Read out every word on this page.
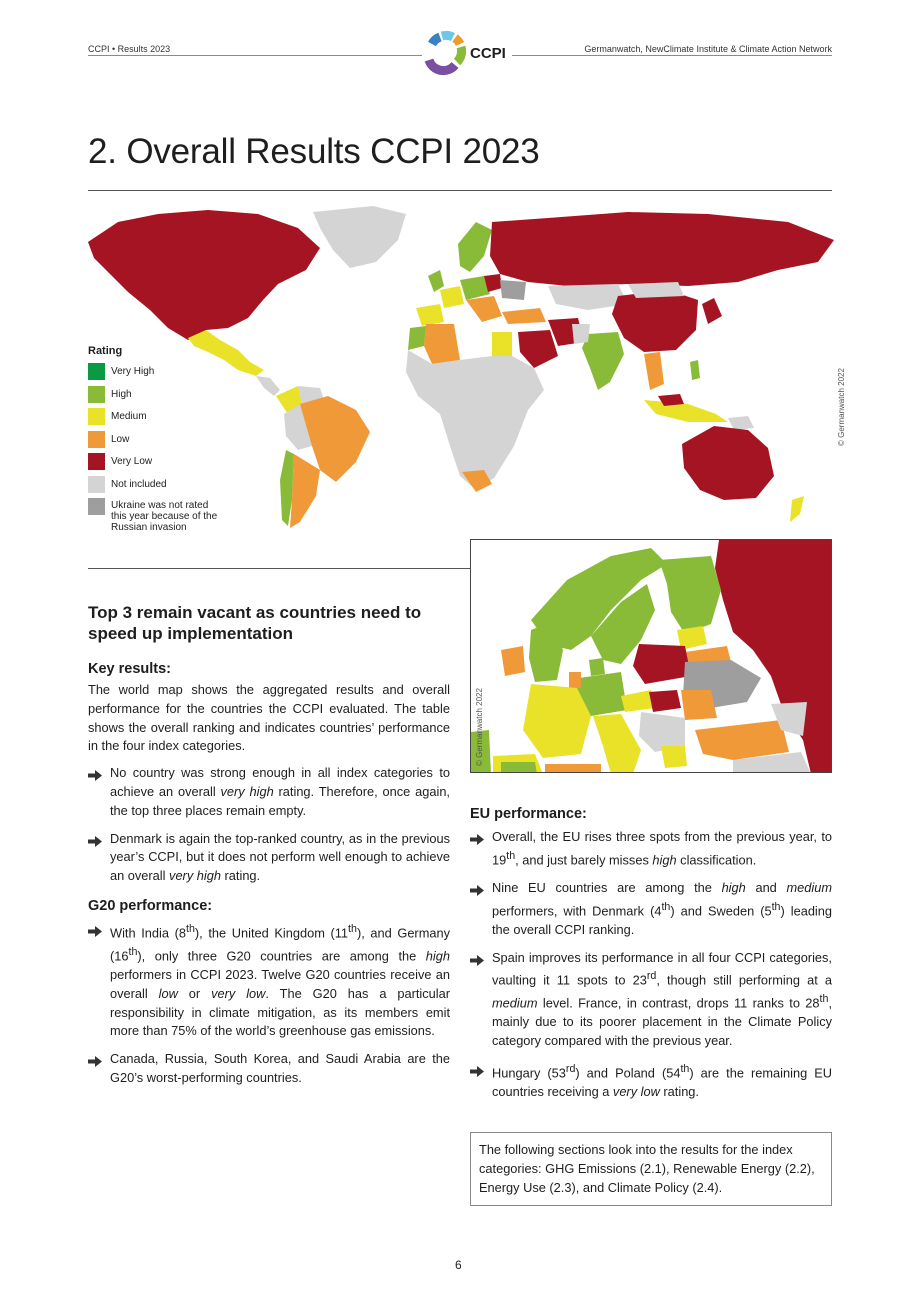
CCPI • Results 2023	Germanwatch, NewClimate Institute & Climate Action Network
CCPI
2. Overall Results CCPI 2023
Rating
Very High
High
Medium
Low
Very Low
Not included
Ukraine was not rated this year because of the Russian invasion
© Germanwatch 2022
© Germanwatch 2022
Top 3 remain vacant as countries need to speed up implementation
Key results:

The world map shows the aggregated results and overall performance for the countries the CCPI evaluated. The table shows the overall ranking and indicates countries’ performance in the four index categories.

No country was strong enough in all index categories to achieve an overall very high rating. Therefore, once again, the top three places remain empty.
Denmark is again the top-ranked country, as in the previous year’s CCPI, but it does not perform well enough to achieve an overall very high rating.
G20 performance:
With India (8th), the United Kingdom (11th), and Germany (16th), only three G20 countries are among the high performers in CCPI 2023. Twelve G20 countries receive an overall low or very low. The G20 has a particular responsibility in climate mitigation, as its members emit more than 75% of the world’s greenhouse gas emissions.
Canada, Russia, South Korea, and Saudi Arabia are the G20’s worst-performing countries.
EU performance:
Overall, the EU rises three spots from the previous year, to 19th, and just barely misses high classification.
Nine EU countries are among the high and medium performers, with Denmark (4th) and Sweden (5th) leading the overall CCPI ranking.
Spain improves its performance in all four CCPI categories, vaulting it 11 spots to 23rd, though still performing at a medium level. France, in contrast, drops 11 ranks to 28th, mainly due to its poorer placement in the Climate Policy category compared with the previous year.
Hungary (53rd) and Poland (54th) are the remaining EU countries receiving a very low rating.
The following sections look into the results for the index categories: GHG Emissions (2.1), Renewable Energy (2.2), Energy Use (2.3), and Climate Policy (2.4).
6
